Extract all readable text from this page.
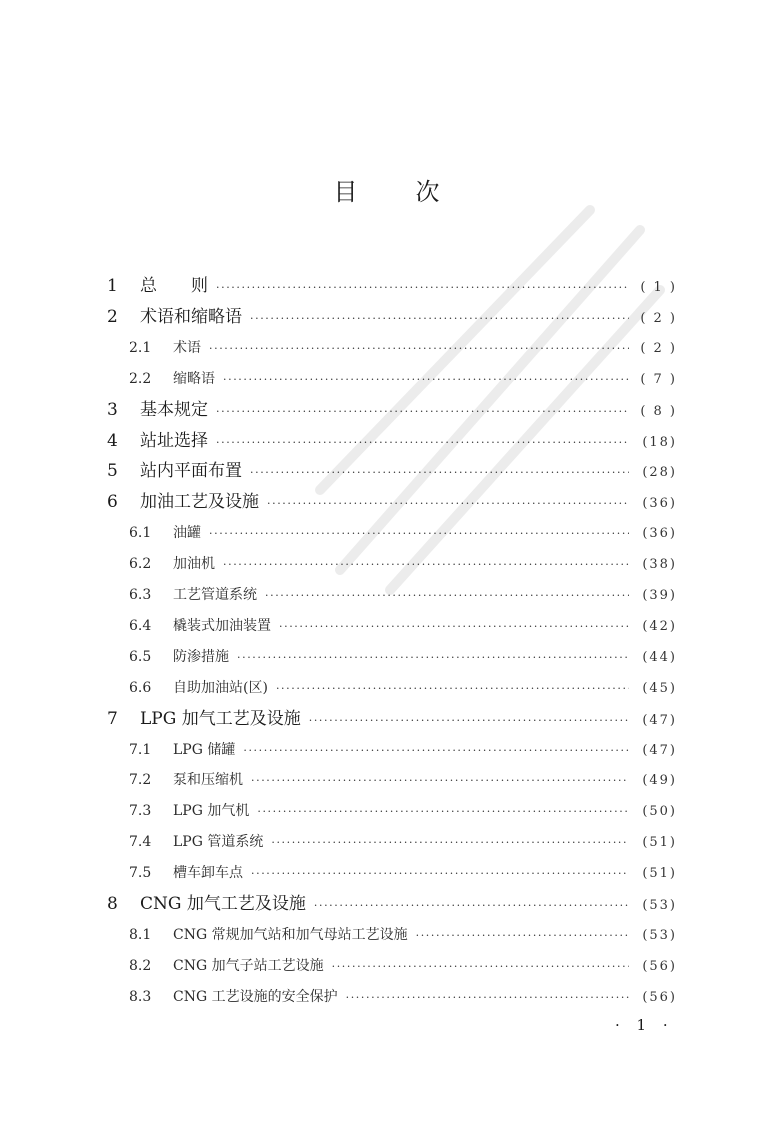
目 次
1	总　　则 ·····	( 1 )
2	术语和缩略语 ·····	( 2 )
2.1	术语 ·····	( 2 )
2.2	缩略语 ·····	( 7 )
3	基本规定 ·····	( 8 )
4	站址选择 ·····	(18)
5	站内平面布置 ·····	(28)
6	加油工艺及设施 ·····	(36)
6.1	油罐 ·····	(36)
6.2	加油机 ·····	(38)
6.3	工艺管道系统 ·····	(39)
6.4	橇装式加油装置 ·····	(42)
6.5	防渗措施 ·····	(44)
6.6	自助加油站(区) ·····	(45)
7	LPG 加气工艺及设施 ·····	(47)
7.1	LPG 储罐 ·····	(47)
7.2	泵和压缩机 ·····	(49)
7.3	LPG 加气机 ·····	(50)
7.4	LPG 管道系统 ·····	(51)
7.5	槽车卸车点 ·····	(51)
8	CNG 加气工艺及设施 ·····	(53)
8.1	CNG 常规加气站和加气母站工艺设施 ·····	(53)
8.2	CNG 加气子站工艺设施 ·····	(56)
8.3	CNG 工艺设施的安全保护 ·····	(56)
· 1 ·
